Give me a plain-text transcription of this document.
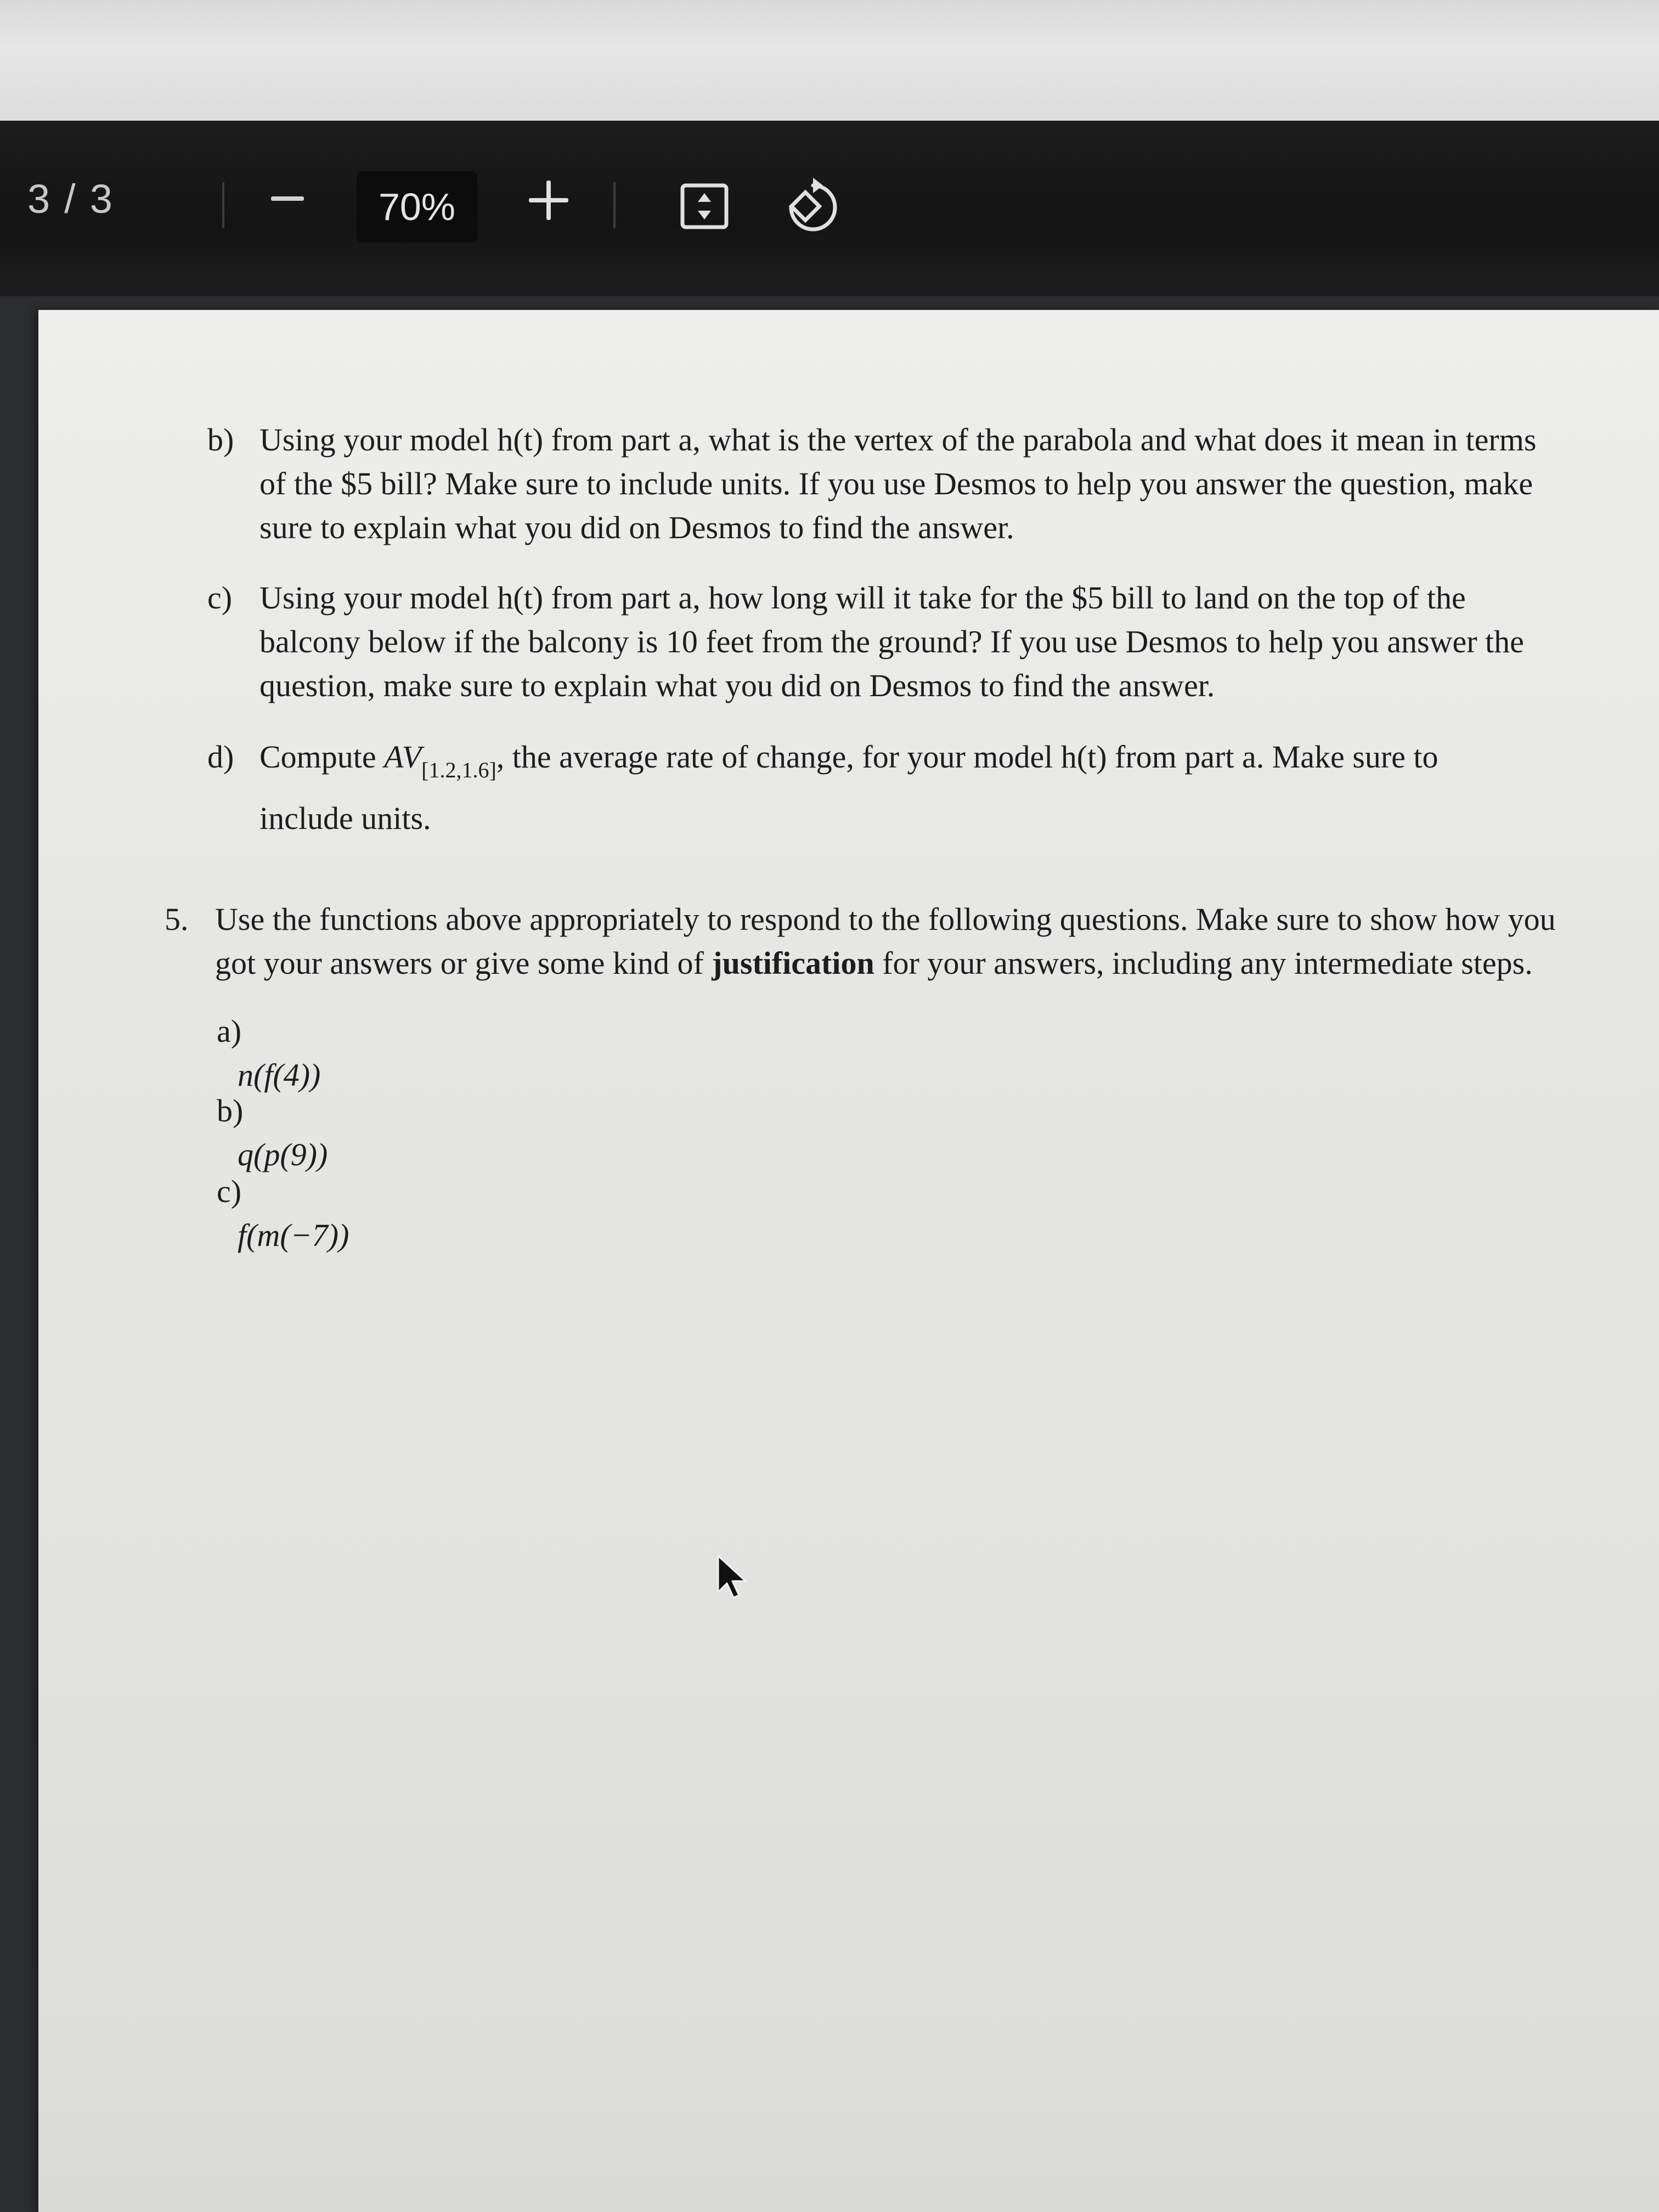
3 / 3	70%
b) Using your model h(t) from part a, what is the vertex of the parabola and what does it mean in terms

of the $5 bill? Make sure to include units. If you use Desmos to help you answer the question, make

sure to explain what you did on Desmos to find the answer.

c) Using your model h(t) from part a, how long will it take for the $5 bill to land on the top of the

balcony below if the balcony is 10 feet from the ground? If you use Desmos to help you answer the

question, make sure to explain what you did on Desmos to find the answer.

d) Compute $AV_{[1.2,1.6]}$, the average rate of change, for your model h(t) from part a. Make sure to

include units.

5. Use the functions above appropriately to respond to the following questions. Make sure to show how you

got your answers or give some kind of justification for your answers, including any intermediate steps.

a) n(f(4))
b) q(p(9))
c) f(m(−7))
